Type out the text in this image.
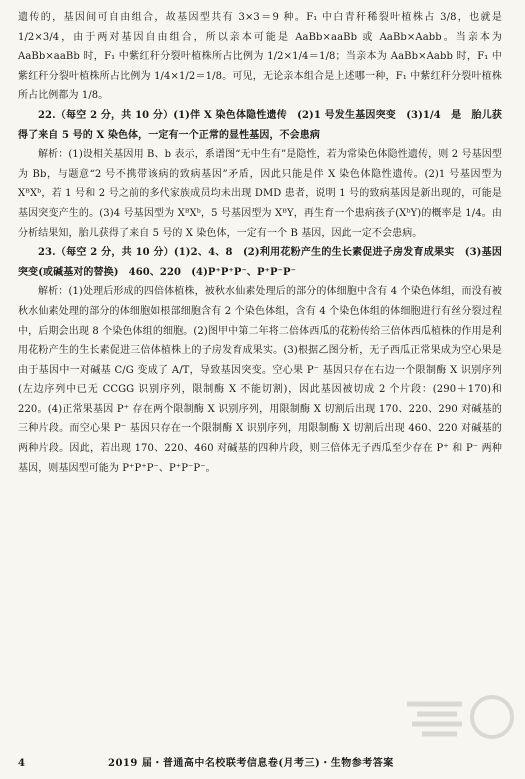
遗传的，基因间可自由组合，故基因型共有 3×3＝9 种。F₁ 中白青秆稀裂叶植株占 3/8，也就是 1/2×3/4，由于两对基因自由组合，所以亲本可能是 AaBb×aaBb 或 AaBb×Aabb。当亲本为 AaBb×aaBb 时，F₁ 中紫红秆分裂叶植株所占比例为 1/2×1/4＝1/8；当亲本为 AaBb×Aabb 时，F₁ 中紫红秆分裂叶植株所占比例为 1/4×1/2＝1/8。可见，无论亲本组合是上述哪一种，F₁ 中紫红秆分裂叶植株所占比例都为 1/8。

22.（每空 2 分，共 10 分）(1)伴 X 染色体隐性遗传　(2)1 号发生基因突变　(3)1/4　是　胎儿获得了来自 5 号的 X 染色体，一定有一个正常的显性基因，不会患病

解析：(1)设相关基因用 B、b 表示，系谱图“无中生有”是隐性，若为常染色体隐性遗传，则 2 号基因型为 Bb，与题意“2 号不携带该病的致病基因”矛盾，因此只能是伴 X 染色体隐性遗传。(2)1 号基因型为 XᴮXᵇ，若 1 号和 2 号之前的多代家族成员均未出现 DMD 患者，说明 1 号的致病基因是新出现的，可能是基因突变产生的。(3)4 号基因型为 XᴮXᵇ，5 号基因型为 XᴮY，再生育一个患病孩子(XᵇY)的概率是 1/4。由分析结果知，胎儿获得了来自 5 号的 X 染色体，一定有一个 B 基因，因此一定不会患病。

23.（每空 2 分，共 10 分）(1)2、4、8　(2)利用花粉产生的生长素促进子房发育成果实　(3)基因突变(或碱基对的替换)　460、220　(4)P⁺P⁺P⁻、P⁺P⁻P⁻

解析：(1)处理后形成的四倍体植株，被秋水仙素处理后的部分的体细胞中含有 4 个染色体组，而没有被秋水仙素处理的部分的体细胞如根部细胞含有 2 个染色体组，含有 4 个染色体组的体细胞进行有丝分裂过程中，后期会出现 8 个染色体组的细胞。(2)图甲中第二年将二倍体西瓜的花粉传给三倍体西瓜植株的作用是利用花粉产生的生长素促进三倍体植株上的子房发育成果实。(3)根据乙图分析，无子西瓜正常果成为空心果是由于基因中一对碱基 C/G 变成了 A/T，导致基因突变。空心果 P⁻ 基因只存在右边一个限制酶 X 识别序列(左边序列中已无 CCGG 识别序列，限制酶 X 不能切割)，因此基因被切成 2 个片段：(290＋170)和 220。(4)正常果基因 P⁺ 存在两个限制酶 X 识别序列，用限制酶 X 切割后出现 170、220、290 对碱基的三种片段。而空心果 P⁻ 基因只存在一个限制酶 X 识别序列，用限制酶 X 切割后出现 460、220 对碱基的两种片段。因此，若出现 170、220、460 对碱基的四种片段，则三倍体无子西瓜至少存在 P⁺ 和 P⁻ 两种基因，则基因型可能为 P⁺P⁺P⁻、P⁺P⁻P⁻。

4	2019 届・普通高中名校联考信息卷(月考三)・生物参考答案
